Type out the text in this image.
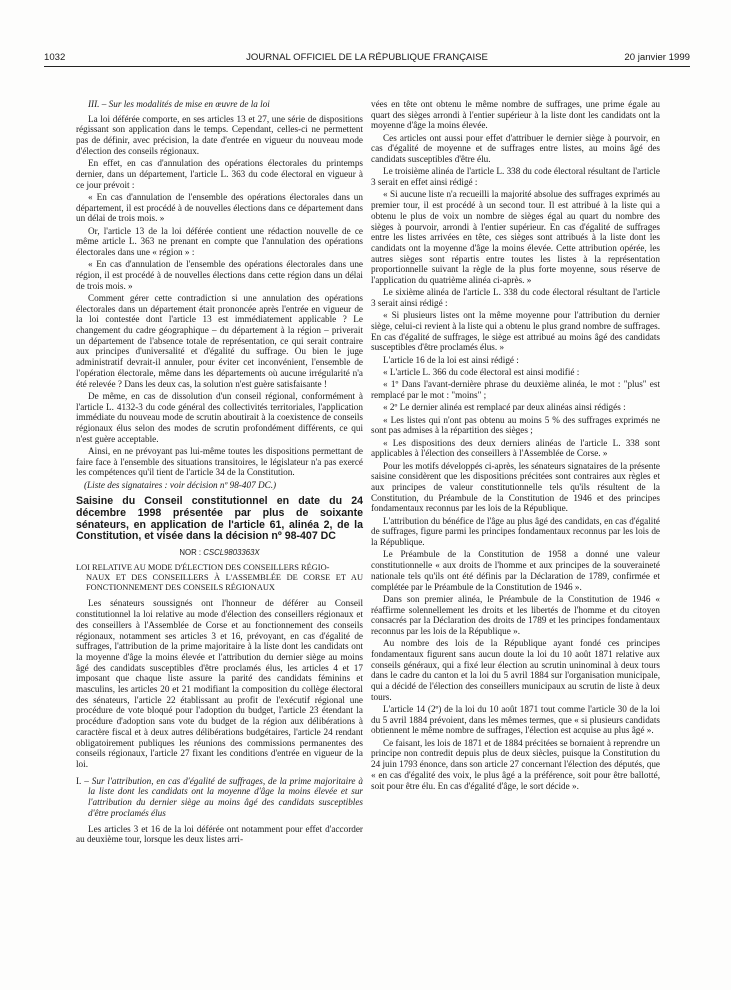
1032	JOURNAL OFFICIEL DE LA RÉPUBLIQUE FRANÇAISE	20 janvier 1999

III. – Sur les modalités de mise en œuvre de la loi

La loi déférée comporte, en ses articles 13 et 27, une série de dispositions régissant son application dans le temps. Cependant, celles-ci ne permettent pas de définir, avec précision, la date d'entrée en vigueur du nouveau mode d'élection des conseils régionaux.

En effet, en cas d'annulation des opérations électorales du printemps dernier, dans un département, l'article L. 363 du code électoral en vigueur à ce jour prévoit :

« En cas d'annulation de l'ensemble des opérations électorales dans un département, il est procédé à de nouvelles élections dans ce département dans un délai de trois mois. »

Or, l'article 13 de la loi déférée contient une rédaction nouvelle de ce même article L. 363 ne prenant en compte que l'annulation des opérations électorales dans une « région » :

« En cas d'annulation de l'ensemble des opérations électorales dans une région, il est procédé à de nouvelles élections dans cette région dans un délai de trois mois. »

Comment gérer cette contradiction si une annulation des opérations électorales dans un département était prononcée après l'entrée en vigueur de la loi contestée dont l'article 13 est immédiatement applicable ? Le changement du cadre géographique – du département à la région – priverait un département de l'absence totale de représentation, ce qui serait contraire aux principes d'universalité et d'égalité du suffrage. Ou bien le juge administratif devrait-il annuler, pour éviter cet inconvénient, l'ensemble de l'opération électorale, même dans les départements où aucune irrégularité n'a été relevée ? Dans les deux cas, la solution n'est guère satisfaisante !

De même, en cas de dissolution d'un conseil régional, conformément à l'article L. 4132-3 du code général des collectivités territoriales, l'application immédiate du nouveau mode de scrutin aboutirait à la coexistence de conseils régionaux élus selon des modes de scrutin profondément différents, ce qui n'est guère acceptable.

Ainsi, en ne prévoyant pas lui-même toutes les dispositions permettant de faire face à l'ensemble des situations transitoires, le législateur n'a pas exercé les compétences qu'il tient de l'article 34 de la Constitution.

(Liste des signataires : voir décision nº 98-407 DC.)

Saisine du Conseil constitutionnel en date du 24 décembre 1998 présentée par plus de soixante sénateurs, en application de l'article 61, alinéa 2, de la Constitution, et visée dans la décision nº 98-407 DC
NOR : CSCL9803363X
LOI RELATIVE AU MODE D'ÉLECTION DES CONSEILLERS RÉGIO-
NAUX ET DES CONSEILLERS À L'ASSEMBLÉE DE CORSE ET AU FONCTIONNEMENT DES CONSEILS RÉGIONAUX

Les sénateurs soussignés ont l'honneur de déférer au Conseil constitutionnel la loi relative au mode d'élection des conseillers régionaux et des conseillers à l'Assemblée de Corse et au fonctionnement des conseils régionaux, notamment ses articles 3 et 16, prévoyant, en cas d'égalité de suffrages, l'attribution de la prime majoritaire à la liste dont les candidats ont la moyenne d'âge la moins élevée et l'attribution du dernier siège au moins âgé des candidats susceptibles d'être proclamés élus, les articles 4 et 17 imposant que chaque liste assure la parité des candidats féminins et masculins, les articles 20 et 21 modifiant la composition du collège électoral des sénateurs, l'article 22 établissant au profit de l'exécutif régional une procédure de vote bloqué pour l'adoption du budget, l'article 23 étendant la procédure d'adoption sans vote du budget de la région aux délibérations à caractère fiscal et à deux autres délibérations budgétaires, l'article 24 rendant obligatoirement publiques les réunions des commissions permanentes des conseils régionaux, l'article 27 fixant les conditions d'entrée en vigueur de la loi.

I. – Sur l'attribution, en cas d'égalité de suffrages, de la prime majoritaire à la liste dont les candidats ont la moyenne d'âge la moins élevée et sur l'attribution du dernier siège au moins âgé des candidats susceptibles d'être proclamés élus

Les articles 3 et 16 de la loi déférée ont notamment pour effet d'accorder au deuxième tour, lorsque les deux listes arri-

vées en tête ont obtenu le même nombre de suffrages, une prime égale au quart des sièges arrondi à l'entier supérieur à la liste dont les candidats ont la moyenne d'âge la moins élevée.

Ces articles ont aussi pour effet d'attribuer le dernier siège à pourvoir, en cas d'égalité de moyenne et de suffrages entre listes, au moins âgé des candidats susceptibles d'être élu.

Le troisième alinéa de l'article L. 338 du code électoral résultant de l'article 3 serait en effet ainsi rédigé :

« Si aucune liste n'a recueilli la majorité absolue des suffrages exprimés au premier tour, il est procédé à un second tour. Il est attribué à la liste qui a obtenu le plus de voix un nombre de sièges égal au quart du nombre des sièges à pourvoir, arrondi à l'entier supérieur. En cas d'égalité de suffrages entre les listes arrivées en tête, ces sièges sont attribués à la liste dont les candidats ont la moyenne d'âge la moins élevée. Cette attribution opérée, les autres sièges sont répartis entre toutes les listes à la représentation proportionnelle suivant la règle de la plus forte moyenne, sous réserve de l'application du quatrième alinéa ci-après. »

Le sixième alinéa de l'article L. 338 du code électoral résultant de l'article 3 serait ainsi rédigé :

« Si plusieurs listes ont la même moyenne pour l'attribution du dernier siège, celui-ci revient à la liste qui a obtenu le plus grand nombre de suffrages. En cas d'égalité de suffrages, le siège est attribué au moins âgé des candidats susceptibles d'être proclamés élus. »

L'article 16 de la loi est ainsi rédigé :

« L'article L. 366 du code électoral est ainsi modifié :

« 1º Dans l'avant-dernière phrase du deuxième alinéa, le mot : "plus" est remplacé par le mot : "moins" ;

« 2º Le dernier alinéa est remplacé par deux alinéas ainsi rédigés :

« Les listes qui n'ont pas obtenu au moins 5 % des suffrages exprimés ne sont pas admises à la répartition des sièges ;

« Les dispositions des deux derniers alinéas de l'article L. 338 sont applicables à l'élection des conseillers à l'Assemblée de Corse. »

Pour les motifs développés ci-après, les sénateurs signataires de la présente saisine considèrent que les dispositions précitées sont contraires aux règles et aux principes de valeur constitutionnelle tels qu'ils résultent de la Constitution, du Préambule de la Constitution de 1946 et des principes fondamentaux reconnus par les lois de la République.

L'attribution du bénéfice de l'âge au plus âgé des candidats, en cas d'égalité de suffrages, figure parmi les principes fondamentaux reconnus par les lois de la République.

Le Préambule de la Constitution de 1958 a donné une valeur constitutionnelle « aux droits de l'homme et aux principes de la souveraineté nationale tels qu'ils ont été définis par la Déclaration de 1789, confirmée et complétée par le Préambule de la Constitution de 1946 ».

Dans son premier alinéa, le Préambule de la Constitution de 1946 « réaffirme solennellement les droits et les libertés de l'homme et du citoyen consacrés par la Déclaration des droits de 1789 et les principes fondamentaux reconnus par les lois de la République ».

Au nombre des lois de la République ayant fondé ces principes fondamentaux figurent sans aucun doute la loi du 10 août 1871 relative aux conseils généraux, qui a fixé leur élection au scrutin uninominal à deux tours dans le cadre du canton et la loi du 5 avril 1884 sur l'organisation municipale, qui a décidé de l'élection des conseillers municipaux au scrutin de liste à deux tours.

L'article 14 (2º) de la loi du 10 août 1871 tout comme l'article 30 de la loi du 5 avril 1884 prévoient, dans les mêmes termes, que « si plusieurs candidats obtiennent le même nombre de suffrages, l'élection est acquise au plus âgé ».

Ce faisant, les lois de 1871 et de 1884 précitées se bornaient à reprendre un principe non contredit depuis plus de deux siècles, puisque la Constitution du 24 juin 1793 énonce, dans son article 27 concernant l'élection des députés, que « en cas d'égalité des voix, le plus âgé a la préférence, soit pour être ballotté, soit pour être élu. En cas d'égalité d'âge, le sort décide ».
